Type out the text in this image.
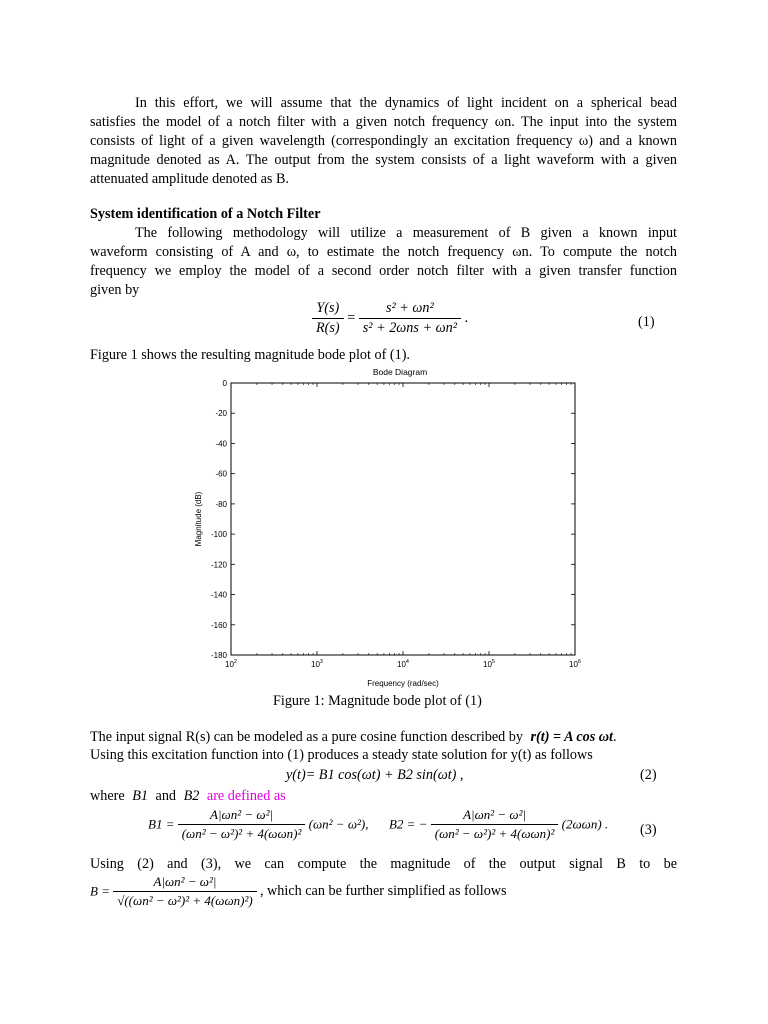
In this effort, we will assume that the dynamics of light incident on a spherical bead
satisfies the model of a notch filter with a given notch frequency ωn. The input into the system
consists of light of a given wavelength (correspondingly an excitation frequency ω) and a known
magnitude denoted as A. The output from the system consists of a light waveform with a given
attenuated amplitude denoted as B.
System identification of a Notch Filter
The following methodology will utilize a measurement of B given a known input
waveform consisting of A and ω, to estimate the notch frequency ωn. To compute the notch
frequency we employ the model of a second order notch filter with a given transfer function
given by
$\frac{Y(s)}{R(s)} = \frac{\text{s² + ωn²}}{\text{s² + 2ωns + ωn²}}$ .	(1)
Figure 1 shows the resulting magnitude bode plot of (1).
Bode Diagram
Frequency (rad/sec)
Magnitude (dB)
0
-20
-40
-60
-80
-100
-120
-140
-160
-180
$10^2$	$10^3$	$10^4$	$10^5$	$10^6$
Figure 1: Magnitude bode plot of (1)
The input signal R(s) can be modeled as a pure cosine function described by r(t) = A cos ωt.
Using this excitation function into (1) produces a steady state solution for y(t) as follows
y(t)= B1 cos(ωt) + B2 sin(ωt) ,	(2)
where B1 and B2 are defined as
$B1 = \frac{\text{A|ωn² − ω²|}}{\text{(ωn² − ω²)² + 4(ωωn)²}} (\omega n^2 - \omega^2)$, B2 = − $\frac{\text{A|ωn² − ω²|}}{\text{(ωn² − ω²)² + 4(ωωn)²}} (2\omega\omega n)$ . (3)
Using (2) and (3), we can compute the magnitude of the output signal B to be
$B = \frac{\text{A|ωn² − ω²|}}{\text{√((ωn² − ω²)² + 4(ωωn)²)}}$ , which can be further simplified as follows
